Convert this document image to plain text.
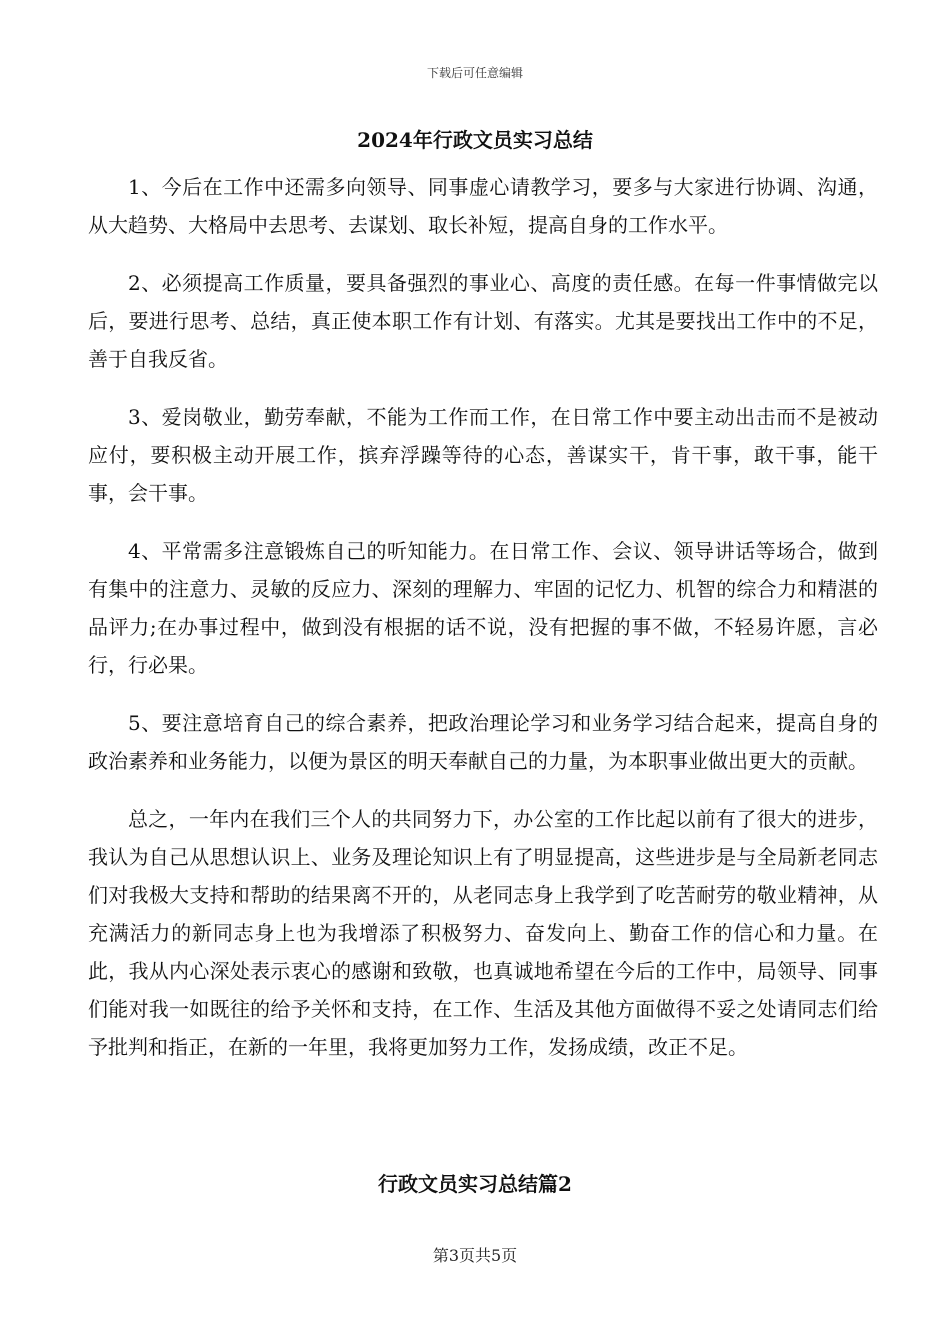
下载后可任意编辑
2024年行政文员实习总结

1、今后在工作中还需多向领导、同事虚心请教学习，要多与大家进行协调、沟通，从大趋势、大格局中去思考、去谋划、取长补短，提高自身的工作水平。

2、必须提高工作质量，要具备强烈的事业心、高度的责任感。在每一件事情做完以后，要进行思考、总结，真正使本职工作有计划、有落实。尤其是要找出工作中的不足，善于自我反省。

3、爱岗敬业，勤劳奉献，不能为工作而工作，在日常工作中要主动出击而不是被动应付，要积极主动开展工作，摈弃浮躁等待的心态，善谋实干，肯干事，敢干事，能干事，会干事。

4、平常需多注意锻炼自己的听知能力。在日常工作、会议、领导讲话等场合，做到有集中的注意力、灵敏的反应力、深刻的理解力、牢固的记忆力、机智的综合力和精湛的品评力;在办事过程中，做到没有根据的话不说，没有把握的事不做，不轻易许愿，言必行，行必果。

5、要注意培育自己的综合素养，把政治理论学习和业务学习结合起来，提高自身的政治素养和业务能力，以便为景区的明天奉献自己的力量，为本职事业做出更大的贡献。

总之，一年内在我们三个人的共同努力下，办公室的工作比起以前有了很大的进步，我认为自己从思想认识上、业务及理论知识上有了明显提高，这些进步是与全局新老同志们对我极大支持和帮助的结果离不开的，从老同志身上我学到了吃苦耐劳的敬业精神，从充满活力的新同志身上也为我增添了积极努力、奋发向上、勤奋工作的信心和力量。在此，我从内心深处表示衷心的感谢和致敬，也真诚地希望在今后的工作中，局领导、同事们能对我一如既往的给予关怀和支持，在工作、生活及其他方面做得不妥之处请同志们给予批判和指正，在新的一年里，我将更加努力工作，发扬成绩，改正不足。

行政文员实习总结篇2
第3页共5页
